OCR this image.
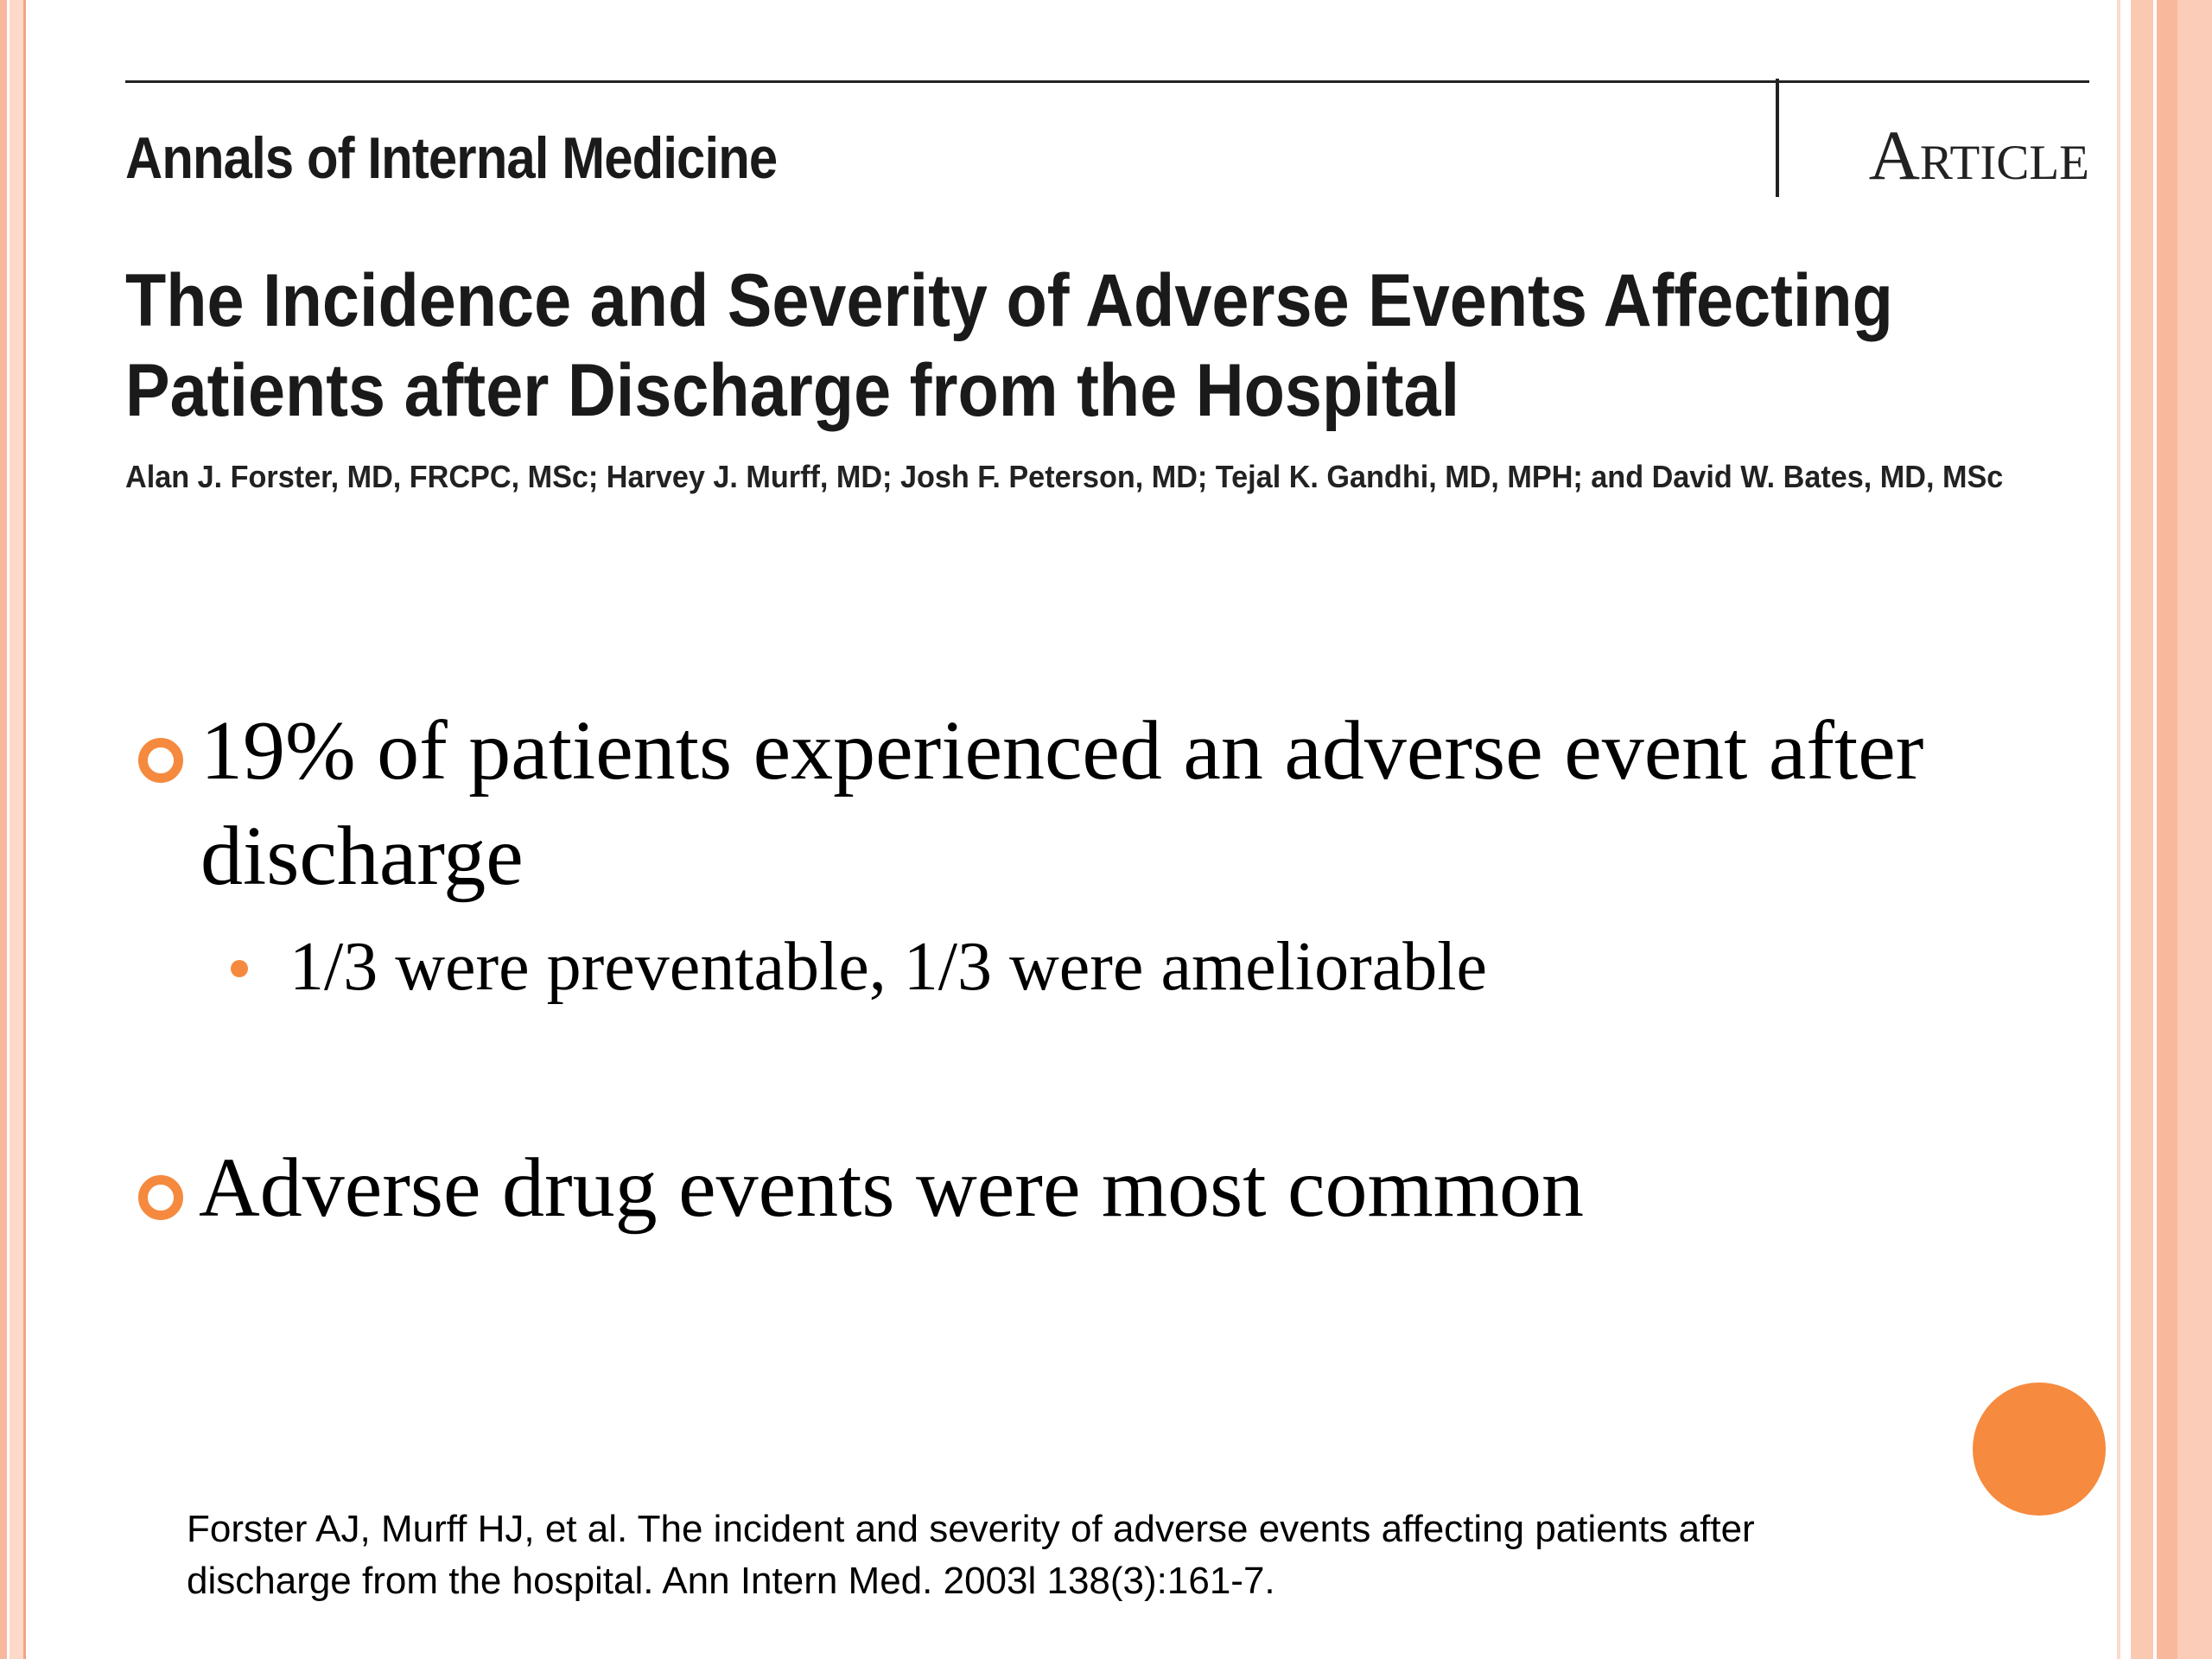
Annals of Internal Medicine	Article
The Incidence and Severity of Adverse Events Affecting Patients after Discharge from the Hospital
Alan J. Forster, MD, FRCPC, MSc; Harvey J. Murff, MD; Josh F. Peterson, MD; Tejal K. Gandhi, MD, MPH; and David W. Bates, MD, MSc

19% of patients experienced an adverse event after discharge

1/3 were preventable, 1/3 were ameliorable

Adverse drug events were most common

Forster AJ, Murff HJ, et al. The incident and severity of adverse events affecting patients after
discharge from the hospital. Ann Intern Med. 2003l 138(3):161-7.
